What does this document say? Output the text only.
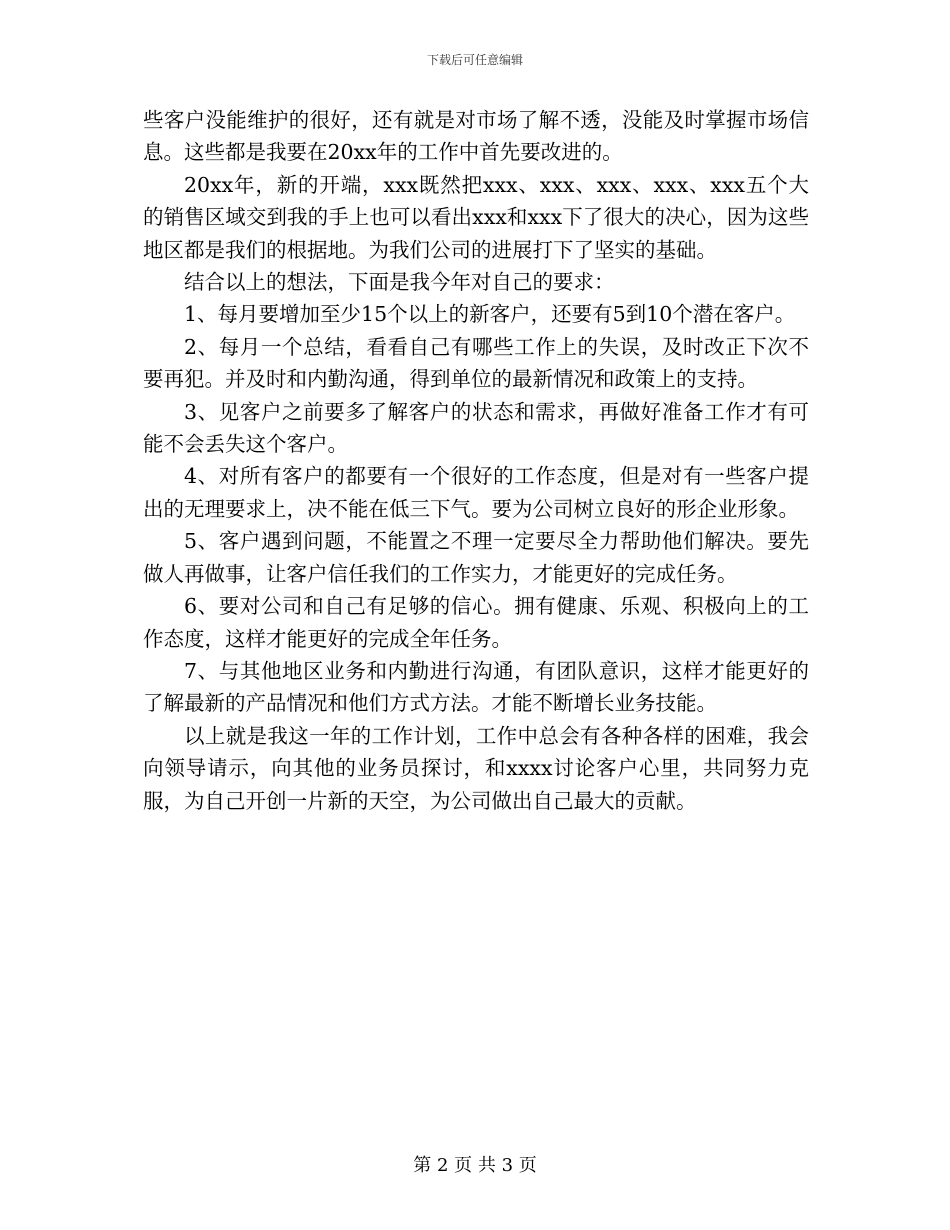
下载后可任意编辑

些客户没能维护的很好，还有就是对市场了解不透，没能及时掌握市场信息。这些都是我要在20xx年的工作中首先要改进的。

20xx年，新的开端，xxx既然把xxx、xxx、xxx、xxx、xxx五个大的销售区域交到我的手上也可以看出xxx和xxx下了很大的决心，因为这些地区都是我们的根据地。为我们公司的进展打下了坚实的基础。

结合以上的想法，下面是我今年对自己的要求：

1、每月要增加至少15个以上的新客户，还要有5到10个潜在客户。

2、每月一个总结，看看自己有哪些工作上的失误，及时改正下次不要再犯。并及时和内勤沟通，得到单位的最新情况和政策上的支持。

3、见客户之前要多了解客户的状态和需求，再做好准备工作才有可能不会丢失这个客户。

4、对所有客户的都要有一个很好的工作态度，但是对有一些客户提出的无理要求上，决不能在低三下气。要为公司树立良好的形企业形象。

5、客户遇到问题，不能置之不理一定要尽全力帮助他们解决。要先做人再做事，让客户信任我们的工作实力，才能更好的完成任务。

6、要对公司和自己有足够的信心。拥有健康、乐观、积极向上的工作态度，这样才能更好的完成全年任务。

7、与其他地区业务和内勤进行沟通，有团队意识，这样才能更好的了解最新的产品情况和他们方式方法。才能不断增长业务技能。

以上就是我这一年的工作计划，工作中总会有各种各样的困难，我会向领导请示，向其他的业务员探讨，和xxxx讨论客户心里，共同努力克服，为自己开创一片新的天空，为公司做出自己最大的贡献。

第 2 页 共 3 页
